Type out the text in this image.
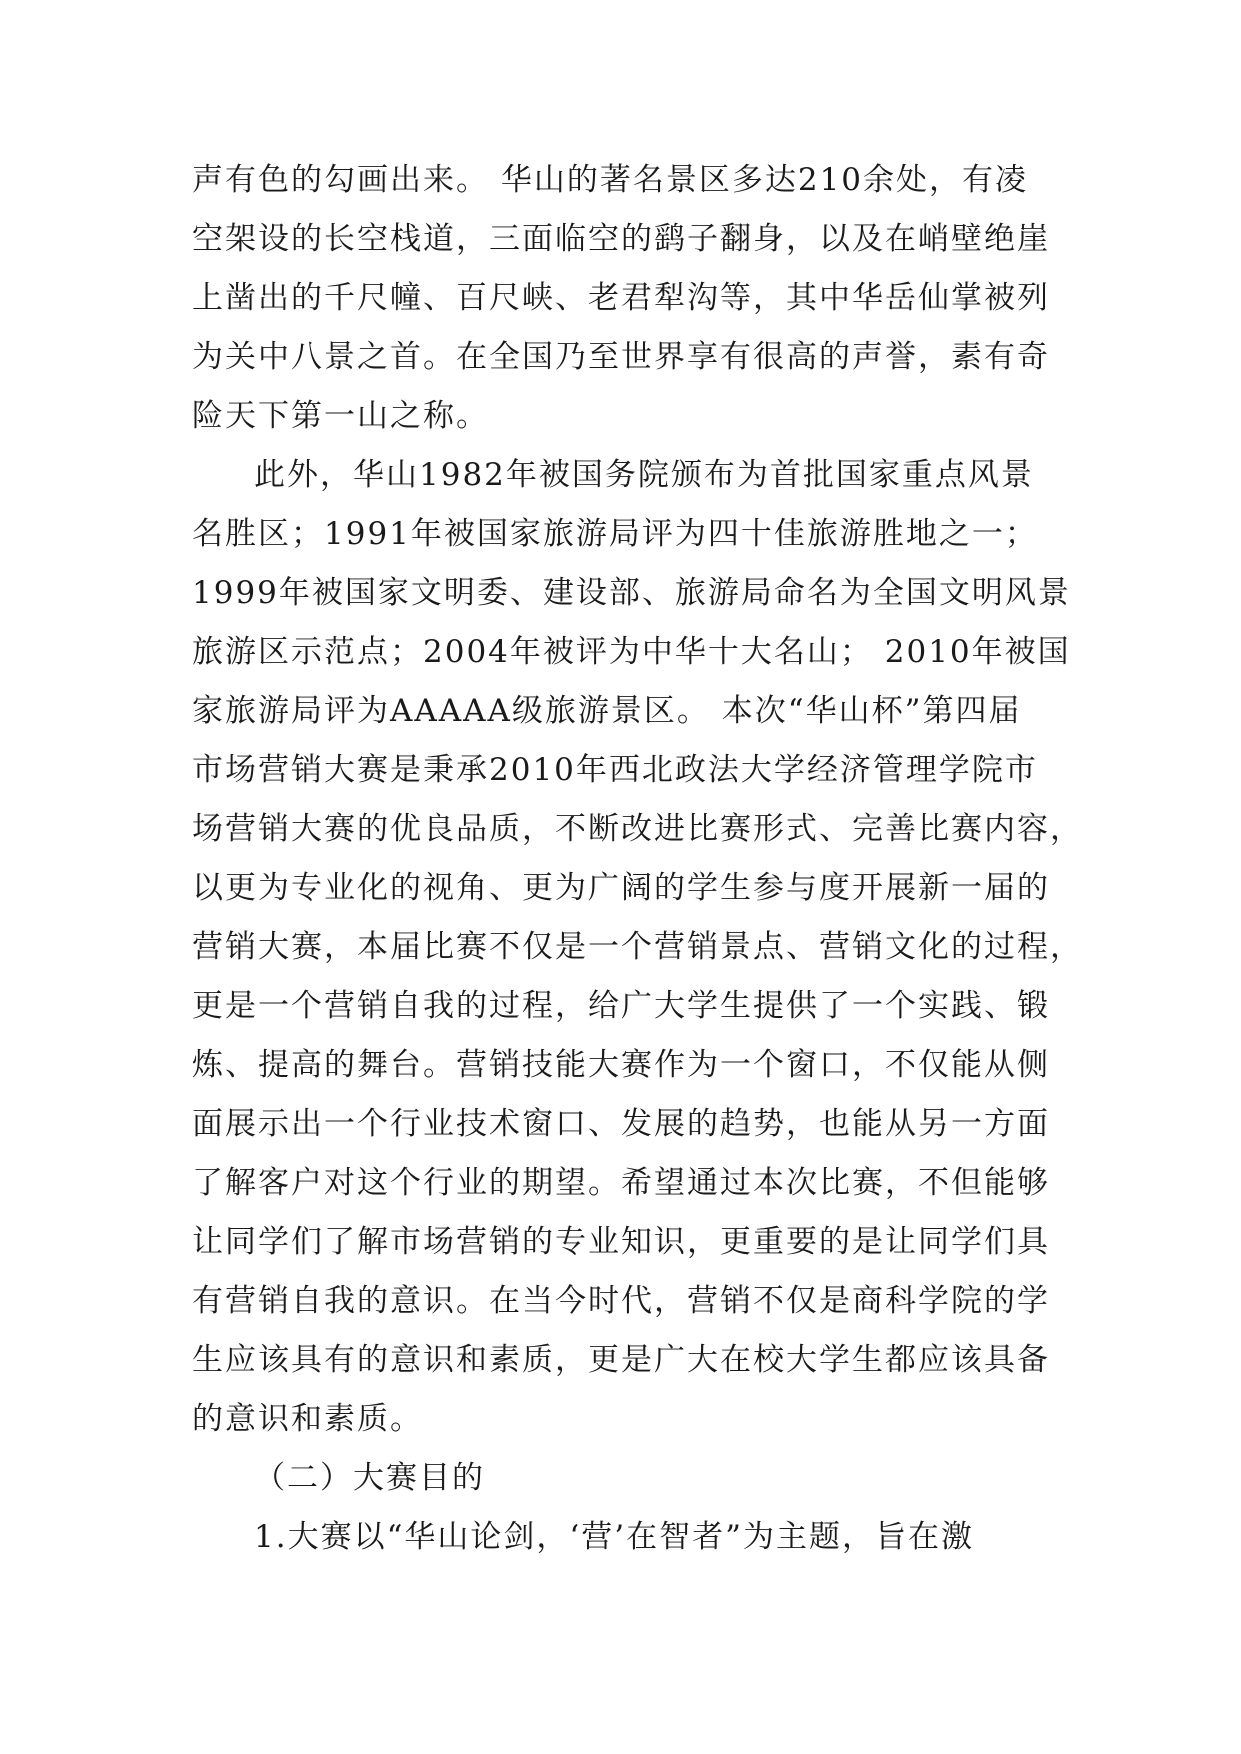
声有色的勾画出来。 华山的著名景区多达210余处，有凌
空架设的长空栈道，三面临空的鹞子翻身，以及在峭壁绝崖
上凿出的千尺幢、百尺峡、老君犁沟等，其中华岳仙掌被列
为关中八景之首。在全国乃至世界享有很高的声誉，素有奇
险天下第一山之称。
此外，华山1982年被国务院颁布为首批国家重点风景
名胜区；1991年被国家旅游局评为四十佳旅游胜地之一；
1999年被国家文明委、建设部、旅游局命名为全国文明风景
旅游区示范点；2004年被评为中华十大名山； 2010年被国
家旅游局评为AAAAA级旅游景区。 本次“华山杯”第四届
市场营销大赛是秉承2010年西北政法大学经济管理学院市
场营销大赛的优良品质，不断改进比赛形式、完善比赛内容，
以更为专业化的视角、更为广阔的学生参与度开展新一届的
营销大赛，本届比赛不仅是一个营销景点、营销文化的过程，
更是一个营销自我的过程，给广大学生提供了一个实践、锻
炼、提高的舞台。营销技能大赛作为一个窗口，不仅能从侧
面展示出一个行业技术窗口、发展的趋势，也能从另一方面
了解客户对这个行业的期望。希望通过本次比赛，不但能够
让同学们了解市场营销的专业知识，更重要的是让同学们具
有营销自我的意识。在当今时代，营销不仅是商科学院的学
生应该具有的意识和素质，更是广大在校大学生都应该具备
的意识和素质。
（二）大赛目的
1.大赛以“华山论剑，‘营’在智者”为主题，旨在激
